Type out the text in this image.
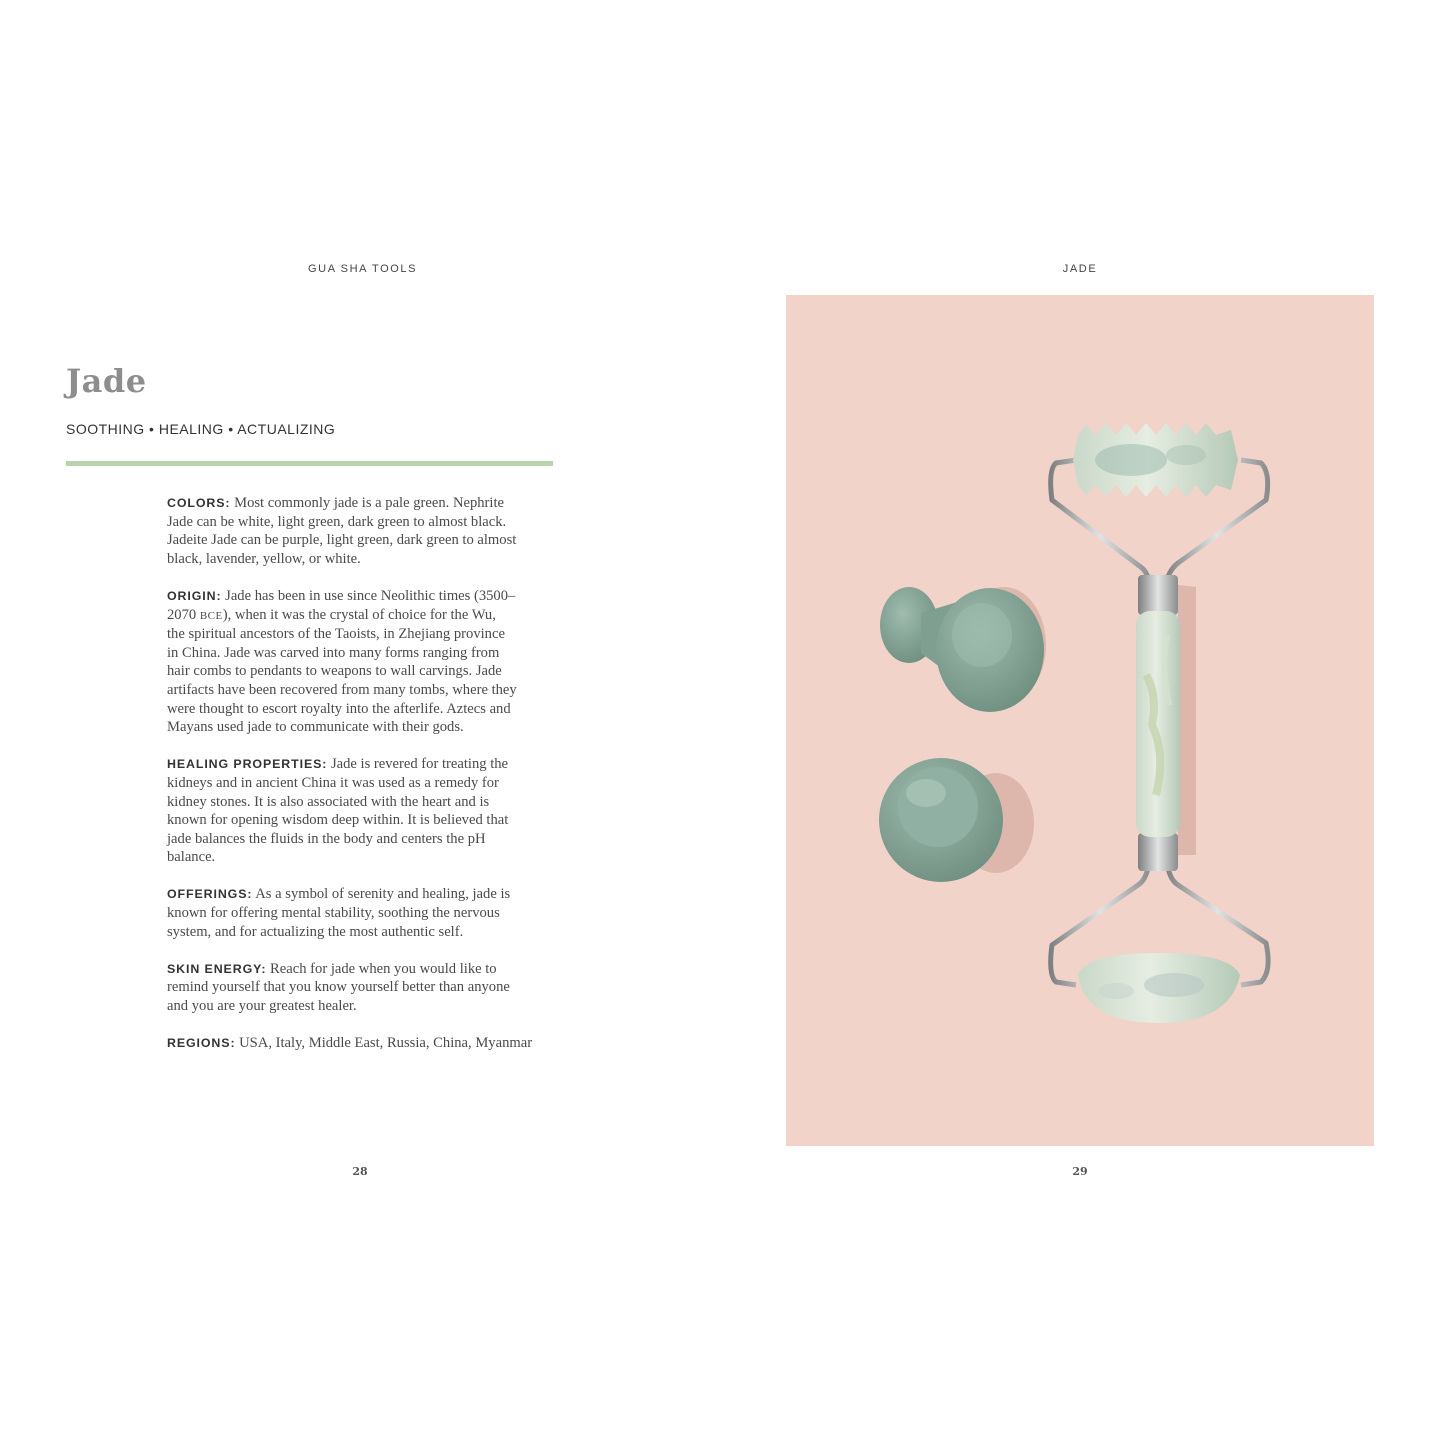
GUA SHA TOOLS
Jade
SOOTHING • HEALING • ACTUALIZING
COLORS: Most commonly jade is a pale green. Nephrite
Jade can be white, light green, dark green to almost black.
Jadeite Jade can be purple, light green, dark green to almost
black, lavender, yellow, or white.
ORIGIN: Jade has been in use since Neolithic times (3500–
2070 BCE), when it was the crystal of choice for the Wu,
the spiritual ancestors of the Taoists, in Zhejiang province
in China. Jade was carved into many forms ranging from
hair combs to pendants to weapons to wall carvings. Jade
artifacts have been recovered from many tombs, where they
were thought to escort royalty into the afterlife. Aztecs and
Mayans used jade to communicate with their gods.
HEALING PROPERTIES: Jade is revered for treating the
kidneys and in ancient China it was used as a remedy for
kidney stones. It is also associated with the heart and is
known for opening wisdom deep within. It is believed that
jade balances the fluids in the body and centers the pH
balance.
OFFERINGS: As a symbol of serenity and healing, jade is
known for offering mental stability, soothing the nervous
system, and for actualizing the most authentic self.
SKIN ENERGY: Reach for jade when you would like to
remind yourself that you know yourself better than anyone
and you are your greatest healer.
REGIONS: USA, Italy, Middle East, Russia, China, Myanmar
28
JADE
29
